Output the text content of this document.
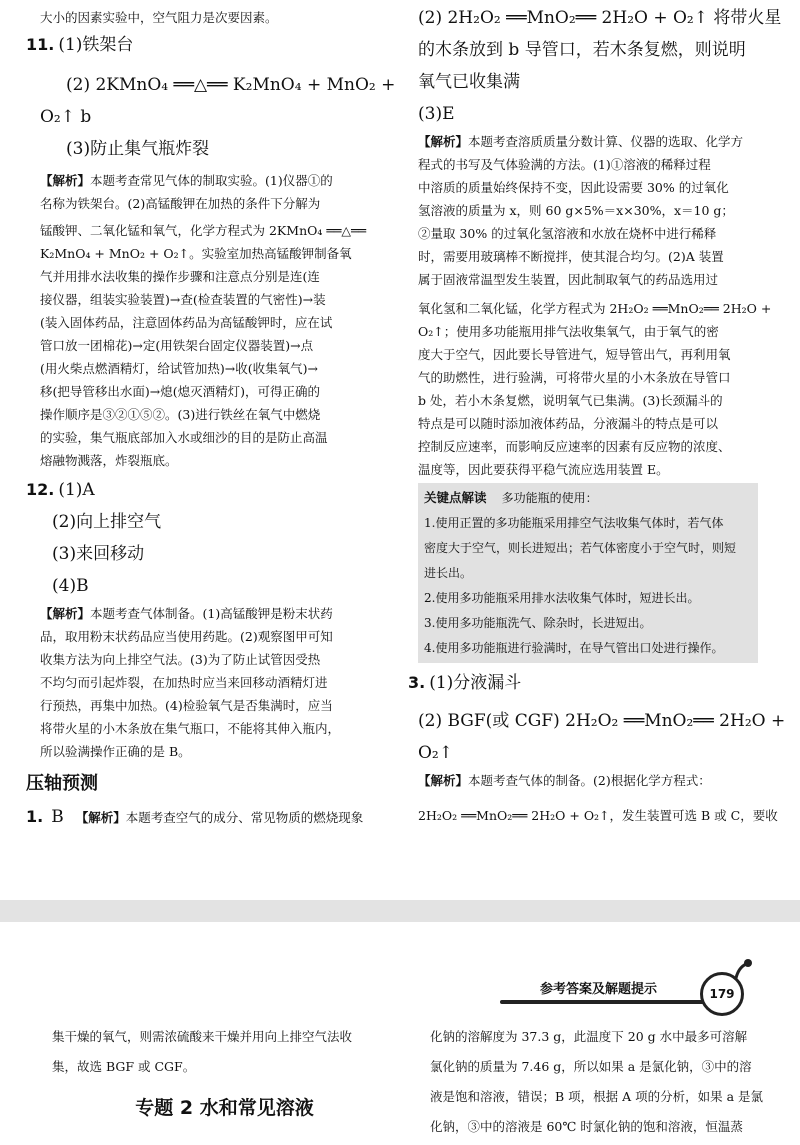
大小的因素实验中，空气阻力是次要因素。
11. (1)铁架台
(2) 2KMnO₄ ══△══ K₂MnO₄ + MnO₂ +
O₂↑ b
(3)防止集气瓶炸裂
【解析】本题考查常见气体的制取实验。(1)仪器①的
名称为铁架台。(2)高锰酸钾在加热的条件下分解为
锰酸钾、二氧化锰和氧气，化学方程式为 2KMnO₄ ══△══
K₂MnO₄ + MnO₂ + O₂↑。实验室加热高锰酸钾制备氧
气并用排水法收集的操作步骤和注意点分别是连(连
接仪器，组装实验装置)→查(检查装置的气密性)→装
(装入固体药品，注意固体药品为高锰酸钾时，应在试
管口放一团棉花)→定(用铁架台固定仪器装置)→点
(用火柴点燃酒精灯，给试管加热)→收(收集氧气)→
移(把导管移出水面)→熄(熄灭酒精灯)，可得正确的
操作顺序是③②①⑤②。(3)进行铁丝在氧气中燃烧
的实验，集气瓶底部加入水或细沙的目的是防止高温
熔融物溅落，炸裂瓶底。
12. (1)A
(2)向上排空气
(3)来回移动
(4)B
【解析】本题考查气体制备。(1)高锰酸钾是粉末状药
品，取用粉末状药品应当使用药匙。(2)观察图甲可知
收集方法为向上排空气法。(3)为了防止试管因受热
不均匀而引起炸裂，在加热时应当来回移动酒精灯进
行预热，再集中加热。(4)检验氧气是否集满时，应当
将带火星的小木条放在集气瓶口，不能将其伸入瓶内，
所以验满操作正确的是 B。
压轴预测
1. B 【解析】本题考查空气的成分、常见物质的燃烧现象
(2) 2H₂O₂ ══MnO₂══ 2H₂O + O₂↑ 将带火星
的木条放到 b 导管口，若木条复燃，则说明
氧气已收集满
(3)E
【解析】本题考查溶质质量分数计算、仪器的选取、化学方
程式的书写及气体验满的方法。(1)①溶液的稀释过程
中溶质的质量始终保持不变，因此设需要 30% 的过氧化
氢溶液的质量为 x，则 60 g×5%＝x×30%，x＝10 g；
②量取 30% 的过氧化氢溶液和水放在烧杯中进行稀释
时，需要用玻璃棒不断搅拌，使其混合均匀。(2)A 装置
属于固液常温型发生装置，因此制取氧气的药品选用过
氧化氢和二氧化锰，化学方程式为 2H₂O₂ ══MnO₂══ 2H₂O +
O₂↑；使用多功能瓶用排气法收集氧气，由于氧气的密
度大于空气，因此要长导管进气，短导管出气，再利用氧
气的助燃性，进行验满，可将带火星的小木条放在导管口
b 处，若小木条复燃，说明氧气已集满。(3)长颈漏斗的
特点是可以随时添加液体药品，分液漏斗的特点是可以
控制反应速率，而影响反应速率的因素有反应物的浓度、
温度等，因此要获得平稳气流应选用装置 E。
关键点解读 多功能瓶的使用：
1.使用正置的多功能瓶采用排空气法收集气体时，若气体
密度大于空气，则长进短出；若气体密度小于空气时，则短
进长出。
2.使用多功能瓶采用排水法收集气体时，短进长出。
3.使用多功能瓶洗气、除杂时，长进短出。
4.使用多功能瓶进行验满时，在导气管出口处进行操作。
3. (1)分液漏斗
(2) BGF(或 CGF) 2H₂O₂ ══MnO₂══ 2H₂O +
O₂↑
【解析】本题考查气体的制备。(2)根据化学方程式：
2H₂O₂ ══MnO₂══ 2H₂O + O₂↑，发生装置可选 B 或 C，要收
参考答案及解题提示	179
集干燥的氧气，则需浓硫酸来干燥并用向上排空气法收
集，故选 BGF 或 CGF。
专题 2 水和常见溶液
化钠的溶解度为 37.3 g，此温度下 20 g 水中最多可溶解
氯化钠的质量为 7.46 g，所以如果 a 是氯化钠，③中的溶
液是饱和溶液，错误；B 项，根据 A 项的分析，如果 a 是氯
化钠，③中的溶液是 60℃ 时氯化钠的饱和溶液，恒温蒸
